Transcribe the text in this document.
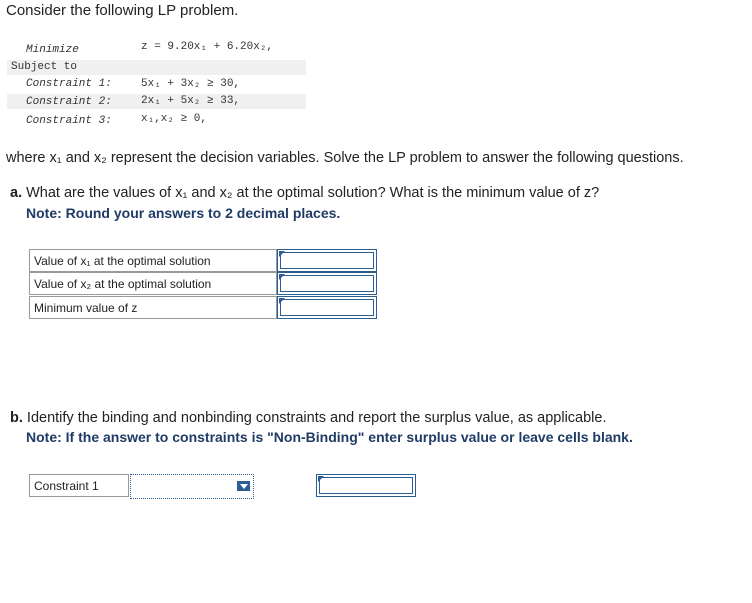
Consider the following LP problem.
Minimize	z = 9.20x₁ + 6.20x₂,
Subject to
Constraint 1:	5x₁ + 3x₂ ≥ 30,
Constraint 2:	2x₁ + 5x₂ ≥ 33,
Constraint 3:	x₁,x₂ ≥ 0,
where x₁ and x₂ represent the decision variables. Solve the LP problem to answer the following questions.
a. What are the values of x₁ and x₂ at the optimal solution? What is the minimum value of z?
Note: Round your answers to 2 decimal places.
Value of x₁ at the optimal solution
Value of x₂ at the optimal solution
Minimum value of z
b. Identify the binding and nonbinding constraints and report the surplus value, as applicable.
Note: If the answer to constraints is "Non-Binding" enter surplus value or leave cells blank.
Constraint 1
